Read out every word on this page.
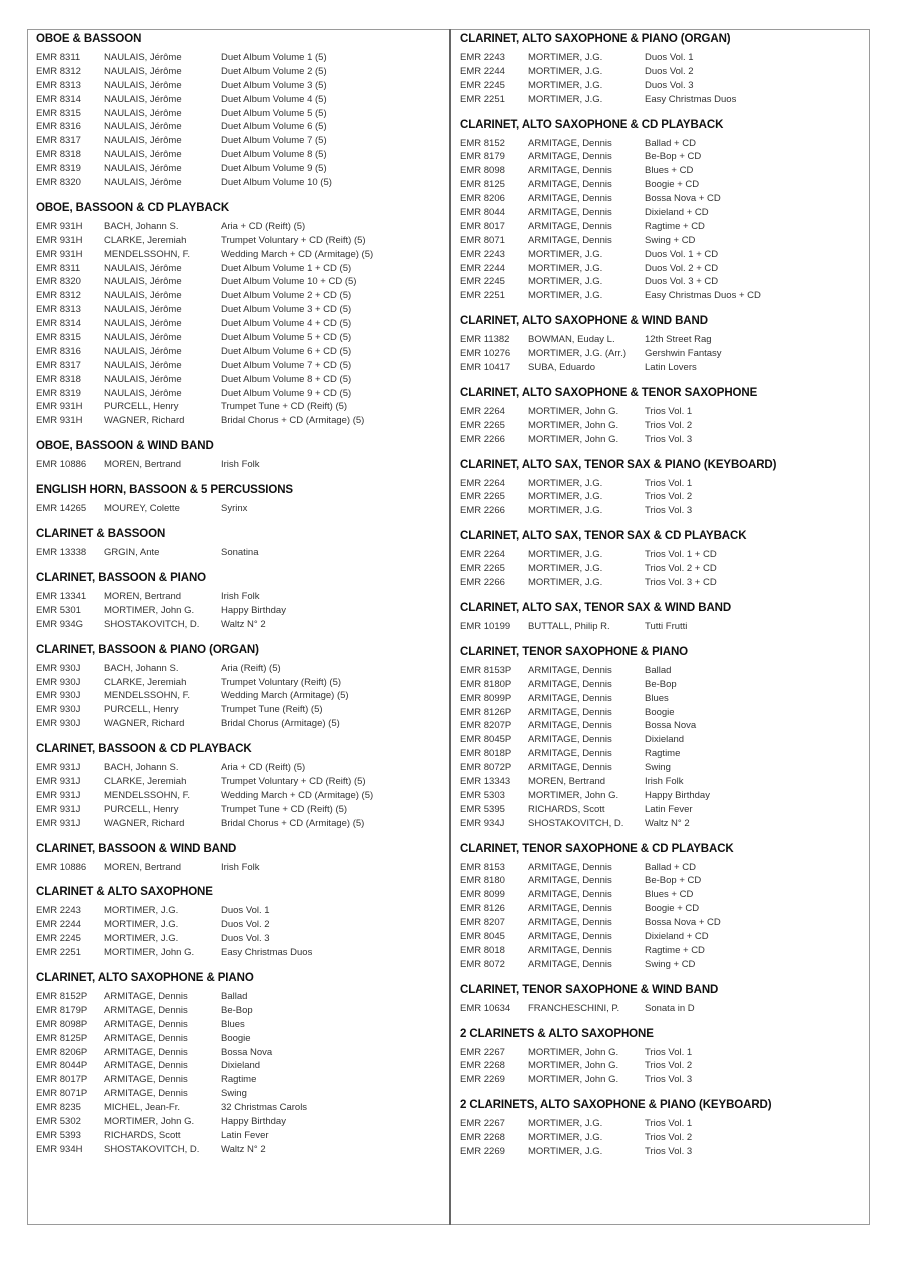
OBOE & BASSOON
EMR 8311	NAULAIS, Jérôme	Duet Album Volume 1 (5)
EMR 8312 NAULAIS, Jérôme	Duet Album Volume 2 (5)
EMR 8313 NAULAIS, Jérôme	Duet Album Volume 3 (5)
EMR 8314 NAULAIS, Jérôme	Duet Album Volume 4 (5)
EMR 8315 NAULAIS, Jérôme	Duet Album Volume 5 (5)
EMR 8316 NAULAIS, Jérôme	Duet Album Volume 6 (5)
EMR 8317 NAULAIS, Jérôme	Duet Album Volume 7 (5)
EMR 8318 NAULAIS, Jérôme	Duet Album Volume 8 (5)
EMR 8319 NAULAIS, Jérôme	Duet Album Volume 9 (5)
EMR 8320 NAULAIS, Jérôme	Duet Album Volume 10 (5)
OBOE, BASSOON & CD PLAYBACK
EMR 931H BACH, Johann S.	Aria + CD (Reift) (5)
EMR 931H CLARKE, Jeremiah	Trumpet Voluntary + CD (Reift) (5)
EMR 931H MENDELSSOHN, F.	Wedding March + CD (Armitage) (5)
EMR 8311	NAULAIS, Jérôme	Duet Album Volume 1 + CD (5)
EMR 8320 NAULAIS, Jérôme	Duet Album Volume 10 + CD (5)
EMR 8312 NAULAIS, Jérôme	Duet Album Volume 2 + CD (5)
EMR 8313 NAULAIS, Jérôme	Duet Album Volume 3 + CD (5)
EMR 8314 NAULAIS, Jérôme	Duet Album Volume 4 + CD (5)
EMR 8315 NAULAIS, Jérôme	Duet Album Volume 5 + CD (5)
EMR 8316 NAULAIS, Jérôme	Duet Album Volume 6 + CD (5)
EMR 8317 NAULAIS, Jérôme	Duet Album Volume 7 + CD (5)
EMR 8318 NAULAIS, Jérôme	Duet Album Volume 8 + CD (5)
EMR 8319 NAULAIS, Jérôme	Duet Album Volume 9 + CD (5)
EMR 931H PURCELL, Henry	Trumpet Tune + CD (Reift) (5)
EMR 931H WAGNER, Richard	Bridal Chorus + CD (Armitage) (5)
OBOE, BASSOON & WIND BAND
EMR 10886 MOREN, Bertrand	Irish Folk
ENGLISH HORN, BASSOON & 5 PERCUSSIONS
EMR 14265 MOUREY, Colette	Syrinx
CLARINET & BASSOON
EMR 13338 GRGIN, Ante	Sonatina
CLARINET, BASSOON & PIANO
EMR 13341 MOREN, Bertrand	Irish Folk
EMR 5301 MORTIMER, John G.	Happy Birthday
EMR 934G SHOSTAKOVITCH, D. Waltz N° 2
CLARINET, BASSOON & PIANO (ORGAN)
EMR 930J BACH, Johann S.	Aria (Reift) (5)
EMR 930J CLARKE, Jeremiah	Trumpet Voluntary (Reift) (5)
EMR 930J MENDELSSOHN, F.	Wedding March (Armitage) (5)
EMR 930J PURCELL, Henry	Trumpet Tune (Reift) (5)
EMR 930J WAGNER, Richard	Bridal Chorus (Armitage) (5)
CLARINET, BASSOON & CD PLAYBACK
EMR 931J BACH, Johann S.	Aria + CD (Reift) (5)
EMR 931J CLARKE, Jeremiah	Trumpet Voluntary + CD (Reift) (5)
EMR 931J MENDELSSOHN, F.	Wedding March + CD (Armitage) (5)
EMR 931J PURCELL, Henry	Trumpet Tune + CD (Reift) (5)
EMR 931J WAGNER, Richard	Bridal Chorus + CD (Armitage) (5)
CLARINET, BASSOON & WIND BAND
EMR 10886 MOREN, Bertrand	Irish Folk
CLARINET & ALTO SAXOPHONE
EMR 2243 MORTIMER, J.G.	Duos Vol. 1
EMR 2244 MORTIMER, J.G.	Duos Vol. 2
EMR 2245 MORTIMER, J.G.	Duos Vol. 3
EMR 2251 MORTIMER, John G.	Easy Christmas Duos
CLARINET, ALTO SAXOPHONE & PIANO
EMR 8152P ARMITAGE, Dennis	Ballad
EMR 8179P ARMITAGE, Dennis	Be-Bop
EMR 8098P ARMITAGE, Dennis	Blues
EMR 8125P ARMITAGE, Dennis	Boogie
EMR 8206P ARMITAGE, Dennis	Bossa Nova
EMR 8044P ARMITAGE, Dennis	Dixieland
EMR 8017P ARMITAGE, Dennis	Ragtime
EMR 8071P ARMITAGE, Dennis	Swing
EMR 8235 MICHEL, Jean-Fr.	32 Christmas Carols
EMR 5302 MORTIMER, John G.	Happy Birthday
EMR 5393 RICHARDS, Scott	Latin Fever
EMR 934H SHOSTAKOVITCH, D. Waltz N° 2
CLARINET, ALTO SAXOPHONE & PIANO (ORGAN)
EMR 2243 MORTIMER, J.G.	Duos Vol. 1
EMR 2244 MORTIMER, J.G.	Duos Vol. 2
EMR 2245 MORTIMER, J.G.	Duos Vol. 3
EMR 2251 MORTIMER, J.G.	Easy Christmas Duos
CLARINET, ALTO SAXOPHONE & CD PLAYBACK
EMR 8152 ARMITAGE, Dennis	Ballad + CD
EMR 8179 ARMITAGE, Dennis	Be-Bop + CD
EMR 8098 ARMITAGE, Dennis	Blues + CD
EMR 8125 ARMITAGE, Dennis	Boogie + CD
EMR 8206 ARMITAGE, Dennis	Bossa Nova + CD
EMR 8044 ARMITAGE, Dennis	Dixieland + CD
EMR 8017 ARMITAGE, Dennis	Ragtime + CD
EMR 8071 ARMITAGE, Dennis	Swing + CD
EMR 2243 MORTIMER, J.G.	Duos Vol. 1 + CD
EMR 2244 MORTIMER, J.G.	Duos Vol. 2 + CD
EMR 2245 MORTIMER, J.G.	Duos Vol. 3 + CD
EMR 2251 MORTIMER, J.G.	Easy Christmas Duos + CD
CLARINET, ALTO SAXOPHONE & WIND BAND
EMR 11382 BOWMAN, Euday L.	12th Street Rag
EMR 10276 MORTIMER, J.G. (Arr.) Gershwin Fantasy
EMR 10417 SUBA, Eduardo	Latin Lovers
CLARINET, ALTO SAXOPHONE & TENOR SAXOPHONE
EMR 2264 MORTIMER, John G.	Trios Vol. 1
EMR 2265 MORTIMER, John G.	Trios Vol. 2
EMR 2266 MORTIMER, John G.	Trios Vol. 3
CLARINET, ALTO SAX, TENOR SAX & PIANO (KEYBOARD)
EMR 2264 MORTIMER, J.G.	Trios Vol. 1
EMR 2265 MORTIMER, J.G.	Trios Vol. 2
EMR 2266 MORTIMER, J.G.	Trios Vol. 3
CLARINET, ALTO SAX, TENOR SAX & CD PLAYBACK
EMR 2264 MORTIMER, J.G.	Trios Vol. 1 + CD
EMR 2265 MORTIMER, J.G.	Trios Vol. 2 + CD
EMR 2266 MORTIMER, J.G.	Trios Vol. 3 + CD
CLARINET, ALTO SAX, TENOR SAX & WIND BAND
EMR 10199 BUTTALL, Philip R.	Tutti Frutti
CLARINET, TENOR SAXOPHONE & PIANO
EMR 8153P ARMITAGE, Dennis	Ballad
EMR 8180P ARMITAGE, Dennis	Be-Bop
EMR 8099P ARMITAGE, Dennis	Blues
EMR 8126P ARMITAGE, Dennis	Boogie
EMR 8207P ARMITAGE, Dennis	Bossa Nova
EMR 8045P ARMITAGE, Dennis	Dixieland
EMR 8018P ARMITAGE, Dennis	Ragtime
EMR 8072P ARMITAGE, Dennis	Swing
EMR 13343 MOREN, Bertrand	Irish Folk
EMR 5303 MORTIMER, John G.	Happy Birthday
EMR 5395 RICHARDS, Scott	Latin Fever
EMR 934J SHOSTAKOVITCH, D. Waltz N° 2
CLARINET, TENOR SAXOPHONE & CD PLAYBACK
EMR 8153 ARMITAGE, Dennis	Ballad + CD
EMR 8180 ARMITAGE, Dennis	Be-Bop + CD
EMR 8099 ARMITAGE, Dennis	Blues + CD
EMR 8126 ARMITAGE, Dennis	Boogie + CD
EMR 8207 ARMITAGE, Dennis	Bossa Nova + CD
EMR 8045 ARMITAGE, Dennis	Dixieland + CD
EMR 8018 ARMITAGE, Dennis	Ragtime + CD
EMR 8072 ARMITAGE, Dennis	Swing + CD
CLARINET, TENOR SAXOPHONE & WIND BAND
EMR 10634 FRANCHESCHINI, P.	Sonata in D
2 CLARINETS & ALTO SAXOPHONE
EMR 2267 MORTIMER, John G.	Trios Vol. 1
EMR 2268 MORTIMER, John G.	Trios Vol. 2
EMR 2269 MORTIMER, John G.	Trios Vol. 3
2 CLARINETS, ALTO SAXOPHONE & PIANO (KEYBOARD)
EMR 2267 MORTIMER, J.G.	Trios Vol. 1
EMR 2268 MORTIMER, J.G.	Trios Vol. 2
EMR 2269 MORTIMER, J.G.	Trios Vol. 3
